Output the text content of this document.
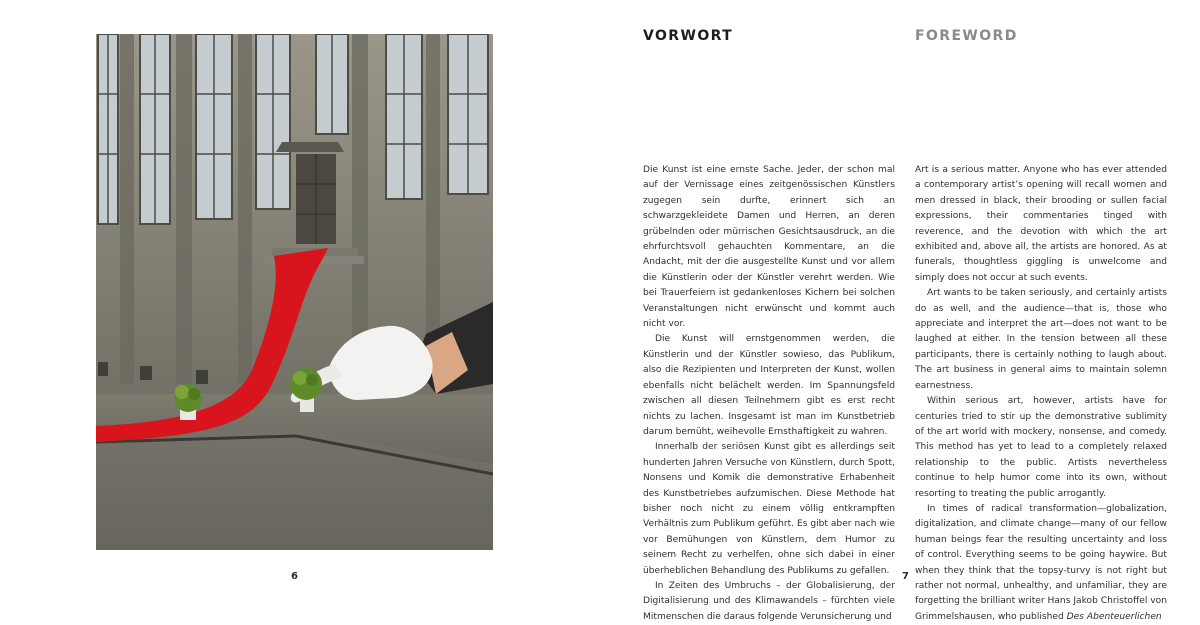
6
VORWORT

Die Kunst ist eine ernste Sache. Jeder, der schon mal auf der Vernissage eines zeitgenössischen Künstlers zugegen sein durfte, erinnert sich an schwarzgekleidete Damen und Herren, an deren grübelnden oder mürrischen Gesichtsausdruck, an die ehrfurchtsvoll gehauchten Kommentare, an die Andacht, mit der die ausgestellte Kunst und vor allem die Künstlerin oder der Künstler verehrt werden. Wie bei Trauerfeiern ist gedankenloses Kichern bei solchen Veranstaltungen nicht erwünscht und kommt auch nicht vor.

Die Kunst will ernstgenommen werden, die Künstlerin und der Künstler sowieso, das Publikum, also die Rezipienten und Interpreten der Kunst, wollen ebenfalls nicht belächelt werden. Im Spannungsfeld zwischen all diesen Teilnehmern gibt es erst recht nichts zu lachen. Insgesamt ist man im Kunstbetrieb darum bemüht, weihevolle Ernsthaftigkeit zu wahren.

Innerhalb der seriösen Kunst gibt es allerdings seit hunderten Jahren Versuche von Künstlern, durch Spott, Nonsens und Komik die demonstrative Erhabenheit des Kunstbetriebes aufzumischen. Diese Methode hat bisher noch nicht zu einem völlig entkrampften Verhältnis zum Publikum geführt. Es gibt aber nach wie vor Bemühungen von Künstlern, dem Humor zu seinem Recht zu verhelfen, ohne sich dabei in einer überheblichen Behandlung des Publikums zu gefallen.

In Zeiten des Umbruchs – der Globalisierung, der Digitalisierung und des Klimawandels – fürchten viele Mitmenschen die daraus folgende Verunsicherung und

FOREWORD

Art is a serious matter. Anyone who has ever attended a contemporary artist’s opening will recall women and men dressed in black, their brooding or sullen facial expressions, their commentaries tinged with reverence, and the devotion with which the art exhibited and, above all, the artists are honored. As at funerals, thoughtless giggling is unwelcome and simply does not occur at such events.

Art wants to be taken seriously, and certainly artists do as well, and the audience—that is, those who appreciate and interpret the art—does not want to be laughed at either. In the tension between all these participants, there is certainly nothing to laugh about. The art business in general aims to maintain solemn earnestness.

Within serious art, however, artists have for centuries tried to stir up the demonstrative sublimity of the art world with mockery, nonsense, and comedy. This method has yet to lead to a completely relaxed relationship to the public. Artists nevertheless continue to help humor come into its own, without resorting to treating the public arrogantly.

In times of radical transformation—globalization, digitalization, and climate change—many of our fellow human beings fear the resulting uncertainty and loss of control. Everything seems to be going haywire. But when they think that the topsy-turvy is not right but rather not normal, unhealthy, and unfamiliar, they are forgetting the brilliant writer Hans Jakob Christoffel von Grimmelshausen, who published Des Abenteuerlichen

7
